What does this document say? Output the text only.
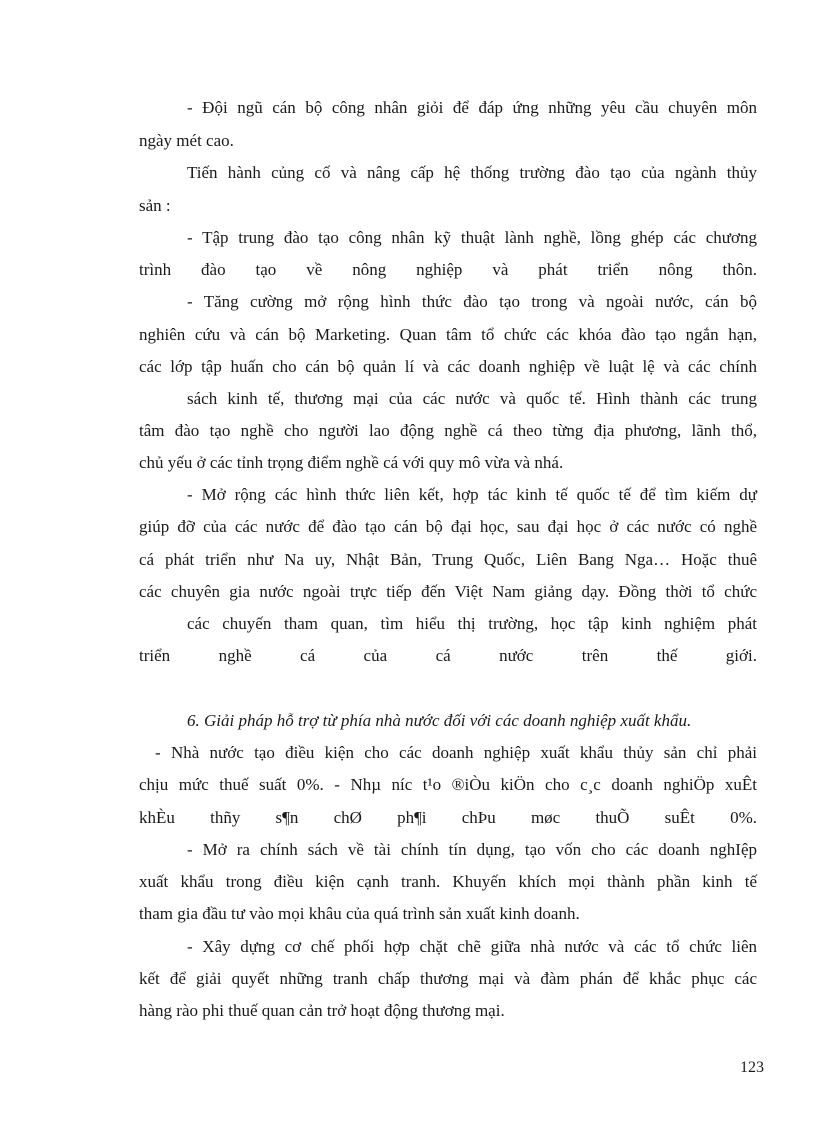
- Đội ngũ cán bộ công nhân giỏi để đáp ứng những yêu cầu chuyên môn
ngày mét cao.
Tiến hành củng cố và nâng cấp hệ thống trường đào tạo của ngành thủy
sản :
- Tập trung đào tạo công nhân kỹ thuật lành nghề, lồng ghép các chương
trình đào tạo về nông nghiệp và phát triển nông thôn.
- Tăng cường mở rộng hình thức đào tạo trong và ngoài nước, cán bộ
nghiên cứu và cán bộ Marketing. Quan tâm tổ chức các khóa đào tạo ngắn hạn,
các lớp tập huấn cho cán bộ quản lí và các doanh nghiệp về luật lệ và các chính
sách kinh tế, thương mại của các nước và quốc tế. Hình thành các trung
tâm đào tạo nghề cho người lao động nghề cá theo từng địa phương, lãnh thổ,
chủ yếu ở các tỉnh trọng điểm nghề cá với quy mô vừa và nhá.
- Mở rộng các hình thức liên kết, hợp tác kinh tế quốc tế để tìm kiếm dự
giúp đỡ của các nước để đào tạo cán bộ đại học, sau đại học ở các nước có nghề
cá phát triển như Na uy, Nhật Bản, Trung Quốc, Liên Bang Nga… Hoặc thuê
các chuyên gia nước ngoài trực tiếp đến Việt Nam giảng dạy. Đồng thời tổ chức
các chuyến tham quan, tìm hiểu thị trường, học tập kinh nghiệm phát
triển nghề cá của cá nước trên thế giới.
6. Giải pháp hỗ trợ từ phía nhà nước đối với các doanh nghiệp xuất khẩu.
- Nhà nước tạo điều kiện cho các doanh nghiệp xuất khẩu thủy sản chỉ phải
chịu mức thuế suất 0%. - Nhµ níc t¹o ®iÒu kiÖn cho c¸c doanh nghiÖp xuÊt
khÈu thñy s¶n chØ ph¶i chÞu møc thuÕ suÊt 0%.
- Mở ra chính sách về tài chính tín dụng, tạo vốn cho các doanh nghIệp
xuất khẩu trong điều kiện cạnh tranh. Khuyến khích mọi thành phần kinh tế
tham gia đầu tư vào mọi khâu của quá trình sản xuất kinh doanh.
- Xây dựng cơ chế phối hợp chặt chẽ giữa nhà nước và các tổ chức liên
kết để giải quyết những tranh chấp thương mại và đàm phán để khắc phục các
hàng rào phi thuế quan cản trở hoạt động thương mại.
123
